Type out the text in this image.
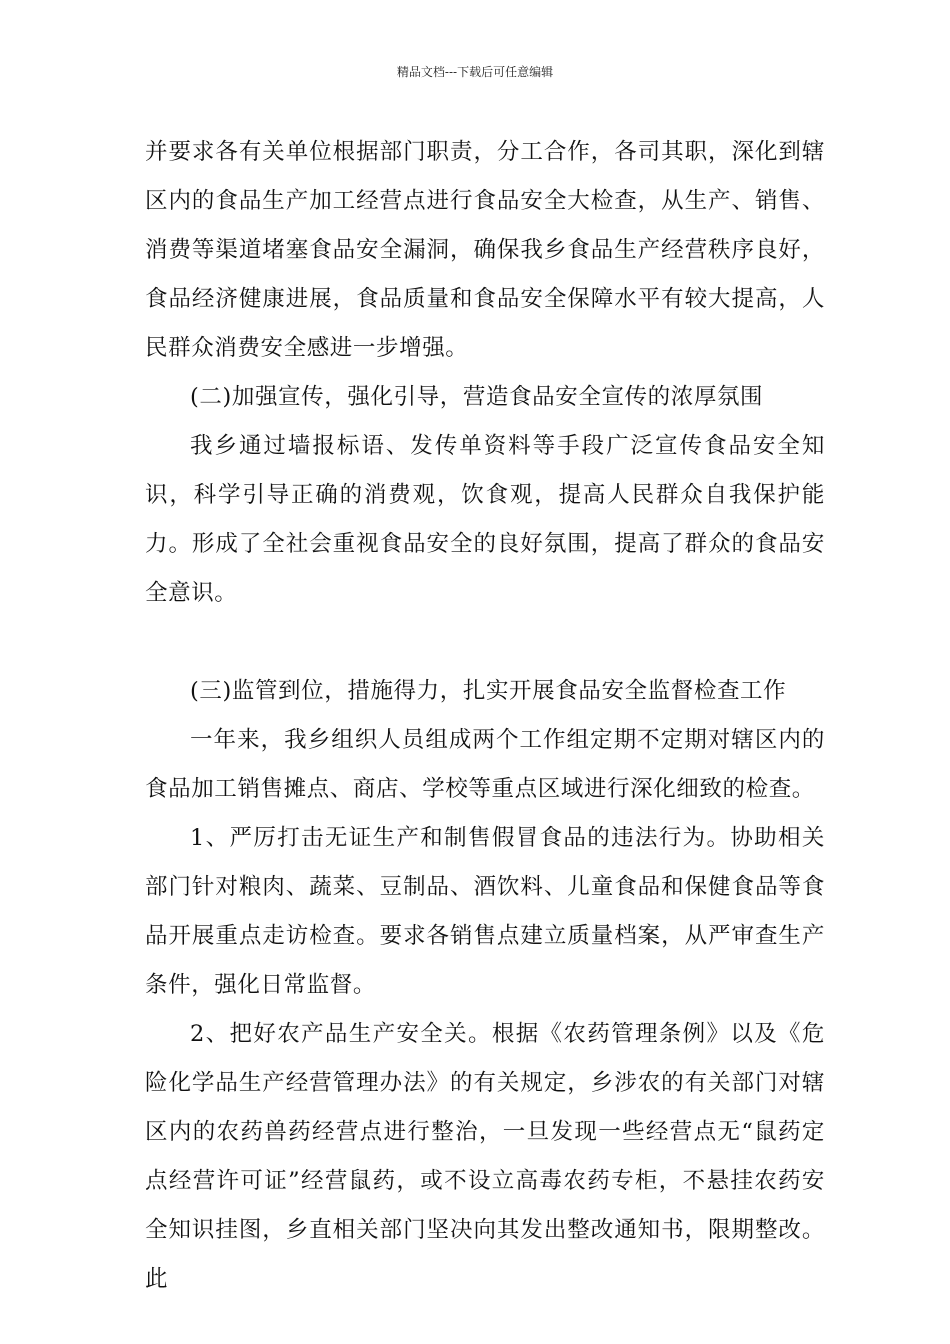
精品文档---下载后可任意编辑

并要求各有关单位根据部门职责，分工合作，各司其职，深化到辖区内的食品生产加工经营点进行食品安全大检查，从生产、销售、消费等渠道堵塞食品安全漏洞，确保我乡食品生产经营秩序良好，食品经济健康进展，食品质量和食品安全保障水平有较大提高，人民群众消费安全感进一步增强。

(二)加强宣传，强化引导，营造食品安全宣传的浓厚氛围

我乡通过墙报标语、发传单资料等手段广泛宣传食品安全知识，科学引导正确的消费观，饮食观，提高人民群众自我保护能力。形成了全社会重视食品安全的良好氛围，提高了群众的食品安全意识。

(三)监管到位，措施得力，扎实开展食品安全监督检查工作

一年来，我乡组织人员组成两个工作组定期不定期对辖区内的食品加工销售摊点、商店、学校等重点区域进行深化细致的检查。

1、严厉打击无证生产和制售假冒食品的违法行为。协助相关部门针对粮肉、蔬菜、豆制品、酒饮料、儿童食品和保健食品等食品开展重点走访检查。要求各销售点建立质量档案，从严审查生产条件，强化日常监督。

2、把好农产品生产安全关。根据《农药管理条例》以及《危险化学品生产经营管理办法》的有关规定，乡涉农的有关部门对辖区内的农药兽药经营点进行整治，一旦发现一些经营点无“鼠药定点经营许可证”经营鼠药，或不设立高毒农药专柜，不悬挂农药安全知识挂图，乡直相关部门坚决向其发出整改通知书，限期整改。此
